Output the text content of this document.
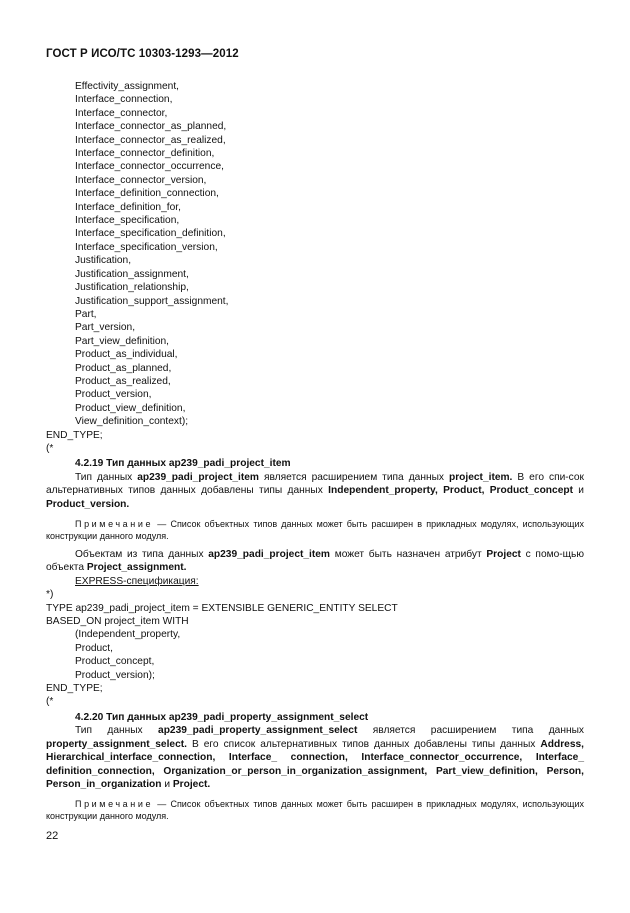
ГОСТ Р ИСО/ТС 10303-1293—2012
Effectivity_assignment,
Interface_connection,
Interface_connector,
Interface_connector_as_planned,
Interface_connector_as_realized,
Interface_connector_definition,
Interface_connector_occurrence,
Interface_connector_version,
Interface_definition_connection,
Interface_definition_for,
Interface_specification,
Interface_specification_definition,
Interface_specification_version,
Justification,
Justification_assignment,
Justification_relationship,
Justification_support_assignment,
Part,
Part_version,
Part_view_definition,
Product_as_individual,
Product_as_planned,
Product_as_realized,
Product_version,
Product_view_definition,
View_definition_context);
END_TYPE;
(*
4.2.19 Тип данных ap239_padi_project_item

Тип данных ap239_padi_project_item является расширением типа данных project_item. В его спи-сок альтернативных типов данных добавлены типы данных Independent_property, Product, Product_concept и Product_version.

Примечание — Список объектных типов данных может быть расширен в прикладных модулях, использующих конструкции данного модуля.

Объектам из типа данных ap239_padi_project_item может быть назначен атрибут Project с помо-щью объекта Project_assignment.

EXPRESS-спецификация:
*)
TYPE ap239_padi_project_item = EXTENSIBLE GENERIC_ENTITY SELECT
BASED_ON project_item WITH
(Independent_property,
Product,
Product_concept,
Product_version);
END_TYPE;
(*
4.2.20 Тип данных ap239_padi_property_assignment_select

Тип данных ap239_padi_property_assignment_select является расширением типа данных property_assignment_select. В его список альтернативных типов данных добавлены типы данных Address, Hierarchical_interface_connection, Interface_ connection, Interface_connector_occurrence, Interface_ definition_connection, Organization_or_person_in_organization_assignment, Part_view_definition, Person, Person_in_organization и Project.

Примечание — Список объектных типов данных может быть расширен в прикладных модулях, использующих конструкции данного модуля.

22
